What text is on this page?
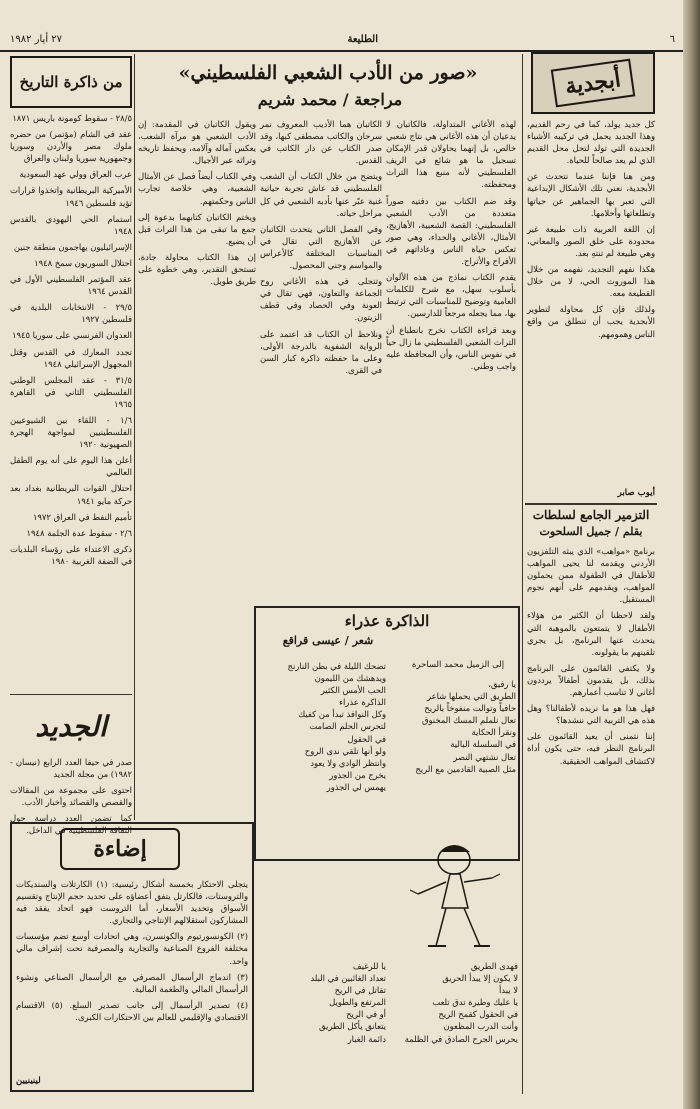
٦
الطليعة
٢٧ أيار ١٩٨٢
أبجدية

كل جديد يولد، كما في رحم القديم، وهذا الجديد يحمل في تركيبه الأشياء الجديدة التي تولد لتحل محل القديم الذي لم يعد صالحاً للحياة.

ومن هنا فإننا عندما نتحدث عن الأبجدية، نعني تلك الأشكال الإبداعية التي تعبر بها الجماهير عن حياتها وتطلعاتها وأحلامها.

إن اللغة العربية ذات طبيعة غير محدودة على خلق الصور والمعاني، وهي طبيعة لم تنتهِ بعد.

هكذا نفهم التجديد، نفهمه من خلال هذا الموروث الحي، لا من خلال القطيعة معه.

ولذلك فإن كل محاولة لتطوير الأبجدية يجب أن تنطلق من واقع الناس وهمومهم.

أيوب صابر
التزمير الجامع لسلطات
بقلم / جميل السلحوت

برنامج «مواهب» الذي يبثه التلفزيون الأردني ويقدمه لنا يحيى المواهب للأطفال في الطفولة ممن يحملون المواهب، ويقدمهم على أنهم نجوم المستقبل.

ولقد لاحظنا أن الكثير من هؤلاء الأطفال لا يتمتعون بالموهبة التي يتحدث عنها البرنامج، بل يجري تلقينهم ما يقولونه.

ولا يكتفي القائمون على البرنامج بذلك، بل يقدمون أطفالاً يرددون أغاني لا تناسب أعمارهم.

فهل هذا هو ما نريده لأطفالنا؟ وهل هذه هي التربية التي ننشدها؟

إننا نتمنى أن يعيد القائمون على البرنامج النظر فيه، حتى يكون أداة لاكتشاف المواهب الحقيقية.

«صور من الأدب الشعبي الفلسطيني»
مراجعة / محمد شريم

لهذه الأغاني المتداولة، فالكاتبان لا يدعيان أن هذه الأغاني هي نتاج شعبي خالص، بل إنهما يحاولان قدر الإمكان تسجيل ما هو شائع في الريف الفلسطيني لأنه منبع هذا التراث ومحفظته.

وقد ضم الكتاب بين دفتيه صوراً متعددة من الأدب الشعبي الفلسطيني: القصة الشعبية، الأهازيج، الأمثال، الأغاني والحداء، وهي صور تعكس حياة الناس وعاداتهم في الأفراح والأتراح.

يقدم الكتاب نماذج من هذه الألوان بأسلوب سهل، مع شرح للكلمات العامية وتوضيح للمناسبات التي ترتبط بها، مما يجعله مرجعاً للدارسين.

وبعد قراءة الكتاب نخرج بانطباع أن التراث الشعبي الفلسطيني ما زال حياً في نفوس الناس، وأن المحافظة عليه واجب وطني.

الكاتبان هما الأديب المعروف نمر سرحان والكاتب مصطفى كبها، وقد صدر الكتاب عن دار الكاتب في القدس.

ويتضح من خلال الكتاب أن الشعب الفلسطيني قد عاش تجربة حياتية غنية عبّر عنها بأدبه الشعبي في كل مراحل حياته.

وفي الفصل الثاني يتحدث الكاتبان عن الأهازيج التي تقال في المناسبات المختلفة كالأعراس والمواسم وجني المحصول.

وتتجلى في هذه الأغاني روح الجماعة والتعاون، فهي تقال في العونة وفي الحصاد وفي قطف الزيتون.

ونلاحظ أن الكتاب قد اعتمد على الرواية الشفوية بالدرجة الأولى، وعلى ما حفظته ذاكرة كبار السن في القرى.

ويقول الكاتبان في المقدمة: إن الأدب الشعبي هو مرآة الشعب، يعكس آماله وآلامه، ويحفظ تاريخه وتراثه عبر الأجيال.

وفي الكتاب أيضاً فصل عن الأمثال الشعبية، وهي خلاصة تجارب الناس وحكمتهم.

ويختم الكاتبان كتابهما بدعوة إلى جمع ما تبقى من هذا التراث قبل أن يضيع.

إن هذا الكتاب محاولة جادة، تستحق التقدير، وهي خطوة على طريق طويل.

الذاكرة عذراء
شعر / عيسى قراقع
إلى الزميل محمد الساحرة
يا رفيق،
الطريق التي يحملها شاعر
حافياً وتوالت منفوخاً بالريح
تعال نلملم المسك المخنوق
ونقرأ الحكاية
في السلسلة البالية
تعال نشتهي النصر
مثل الصبية القادمين مع الريح
تضحك الليلة في بطن النارنج
ويدهشك من الليمون
الحب الأمس الكثير
الذاكرة عذراء
وكل النوافذ تبدأ من كفيك
لتحرس الحلم الصامت
في الحقول
ولو أنها تلقي ندى الروح
وانتظر الوادي ولا يعود
يخرج من الجذور
يهمس لي الجذور
فهدى الطريق
لا يكون إلا يبدأ الحريق
لا يبدأ
يا عليك وطيرة تدق تلعب
في الحقول كقمح الريح
وأنت الدرب المظعون
يحرس الجرح الصادق في الظلمة
يا للرغيف
تعداد الغائبين في البلد
تقاتل في الريح
المرتفع والطويل
أو في الريح
يتعانق يأكل الطريق
دائمة الغبار
إضاءة

يتجلى الاحتكار بخمسة أشكال رئيسية: (١) الكارتلات والسنديكات والتروستات، فالكارتل يتفق أعضاؤه على تحديد حجم الإنتاج وتقسيم الأسواق وتحديد الأسعار، أما التروست فهو اتحاد يفقد فيه المشاركون استقلالهم الإنتاجي والتجاري.

(٢) الكونسورتيوم والكونسرن، وهي اتحادات أوسع تضم مؤسسات مختلفة الفروع الصناعية والتجارية والمصرفية تحت إشراف مالي واحد.

(٣) اندماج الرأسمال المصرفي مع الرأسمال الصناعي ونشوء الرأسمال المالي والطغمة المالية.

(٤) تصدير الرأسمال إلى جانب تصدير السلع. (٥) الاقتسام الاقتصادي والإقليمي للعالم بين الاحتكارات الكبرى.

لينينيين
من ذاكرة التاريخ

٢٨/٥ - سقوط كومونة باريس ١٨٧١

عقد في الشام (مؤتمر) من حضره ملوك مصر والأردن وسوريا وجمهورية سوريا ولبنان والعراق

عرب العراق وولي عهد السعودية

الأميركية البريطانية واتخذوا قرارات تؤيد فلسطين ١٩٤٦

استمام الحي اليهودي بالقدس ١٩٤٨

الإسرائيليون يهاجمون منطقة جنين

احتلال السوريون سمخ ١٩٤٨

عقد المؤتمر الفلسطيني الأول في القدس ١٩٦٤

٢٩/٥ - الانتخابات البلدية في فلسطين ١٩٢٧

العدوان الفرنسي على سوريا ١٩٤٥

تجدد المعارك في القدس وقتل المجهول الإسرائيلي ١٩٤٨

٣١/٥ - عقد المجلس الوطني الفلسطيني الثاني في القاهرة ١٩٦٥

١/٦ - اللقاء بين الشيوعيين الفلسطينيين لمواجهة الهجرة الصهيونية ١٩٢٠

أعلن هذا اليوم على أنه يوم الطفل العالمي

احتلال القوات البريطانية بغداد بعد حركة مايو ١٩٤١

تأميم النفط في العراق ١٩٧٢

٢/٦ - سقوط عدة الجلمة ١٩٤٨

ذكرى الاعتداء على رؤساء البلديات في الضفة الغربية ١٩٨٠

الجديد

صدر في حيفا العدد الرابع (نيسان - ١٩٨٢) من مجلة الجديد

احتوى على مجموعة من المقالات والقصص والقصائد وأخبار الأدب.

كما تضمن العدد دراسة حول الثقافة الفلسطينية في الداخل.
